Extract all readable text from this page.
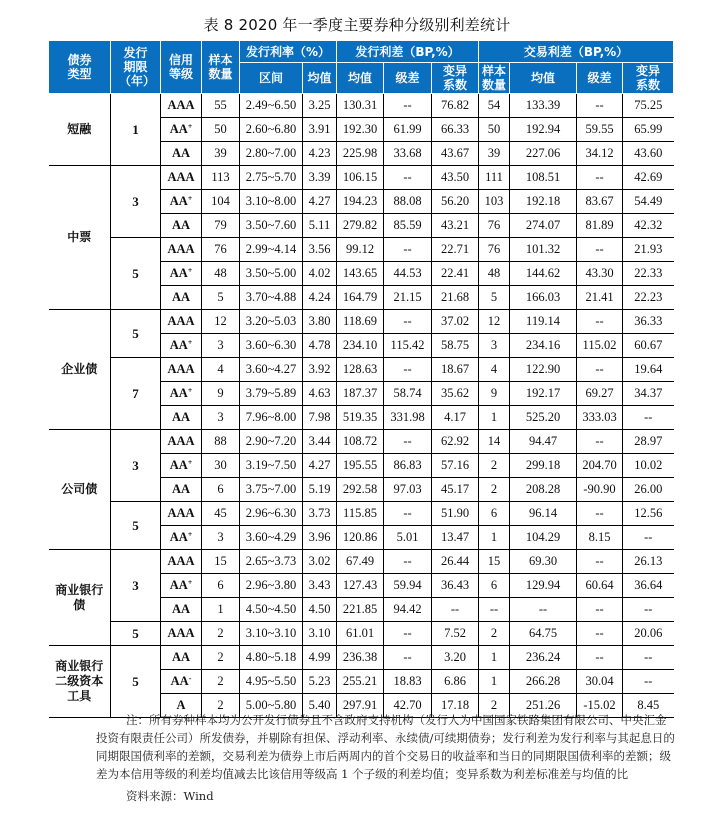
表 8 2020 年一季度主要券种分级别利差统计
债券类型	发行期限（年）	信用等级	样本数量	发行利率（%）		发行利差（BP,%）			交易利差（BP,%）			
				区间	均值	均值	级差	变异系数	样本数量	均值	级差	变异系数
短融	1	AAA	55	2.49~6.50	3.25	130.31	--	76.82	54	133.39	--	75.25
		AA+	50	2.60~6.80	3.91	192.30	61.99	66.33	50	192.94	59.55	65.99
		AA	39	2.80~7.00	4.23	225.98	33.68	43.67	39	227.06	34.12	43.60
中票	3	AAA	113	2.75~5.70	3.39	106.15	--	43.50	111	108.51	--	42.69
		AA+	104	3.10~8.00	4.27	194.23	88.08	56.20	103	192.18	83.67	54.49
		AA	79	3.50~7.60	5.11	279.82	85.59	43.21	76	274.07	81.89	42.32
	5	AAA	76	2.99~4.14	3.56	99.12	--	22.71	76	101.32	--	21.93
		AA+	48	3.50~5.00	4.02	143.65	44.53	22.41	48	144.62	43.30	22.33
		AA	5	3.70~4.88	4.24	164.79	21.15	21.68	5	166.03	21.41	22.23
企业债	5	AAA	12	3.20~5.03	3.80	118.69	--	37.02	12	119.14	--	36.33
		AA+	3	3.60~6.30	4.78	234.10	115.42	58.75	3	234.16	115.02	60.67
	7	AAA	4	3.60~4.27	3.92	128.63	--	18.67	4	122.90	--	19.64
		AA+	9	3.79~5.89	4.63	187.37	58.74	35.62	9	192.17	69.27	34.37
		AA	3	7.96~8.00	7.98	519.35	331.98	4.17	1	525.20	333.03	--
公司债	3	AAA	88	2.90~7.20	3.44	108.72	--	62.92	14	94.47	--	28.97
		AA+	30	3.19~7.50	4.27	195.55	86.83	57.16	2	299.18	204.70	10.02
		AA	6	3.75~7.00	5.19	292.58	97.03	45.17	2	208.28	-90.90	26.00
	5	AAA	45	2.96~6.30	3.73	115.85	--	51.90	6	96.14	--	12.56
		AA+	3	3.60~4.29	3.96	120.86	5.01	13.47	1	104.29	8.15	--
商业银行债	3	AAA	15	2.65~3.73	3.02	67.49	--	26.44	15	69.30	--	26.13
		AA+	6	2.96~3.80	3.43	127.43	59.94	36.43	6	129.94	60.64	36.64
		AA	1	4.50~4.50	4.50	221.85	94.42	--	--	--	--	--
	5	AAA	2	3.10~3.10	3.10	61.01	--	7.52	2	64.75	--	20.06
商业银行二级资本工具	5	AA	2	4.80~5.18	4.99	236.38	--	3.20	1	236.24	--	--
		AA-	2	4.95~5.50	5.23	255.21	18.83	6.86	1	266.28	30.04	--
		A	2	5.00~5.80	5.40	297.91	42.70	17.18	2	251.26	-15.02	8.45
注：所有券种样本均为公开发行债券且不含政府支持机构（发行人为中国国家铁路集团有限公司、中央汇金投资有限责任公司）所发债券，并剔除有担保、浮动利率、永续债/可续期债券；发行利差为发行利率与其起息日的同期限国债利率的差额，交易利差为债券上市后两周内的首个交易日的收益率和当日的同期限国债利率的差额；级差为本信用等级的利差均值减去比该信用等级高 1 个子级的利差均值；变异系数为利差标准差与均值的比
资料来源：Wind
